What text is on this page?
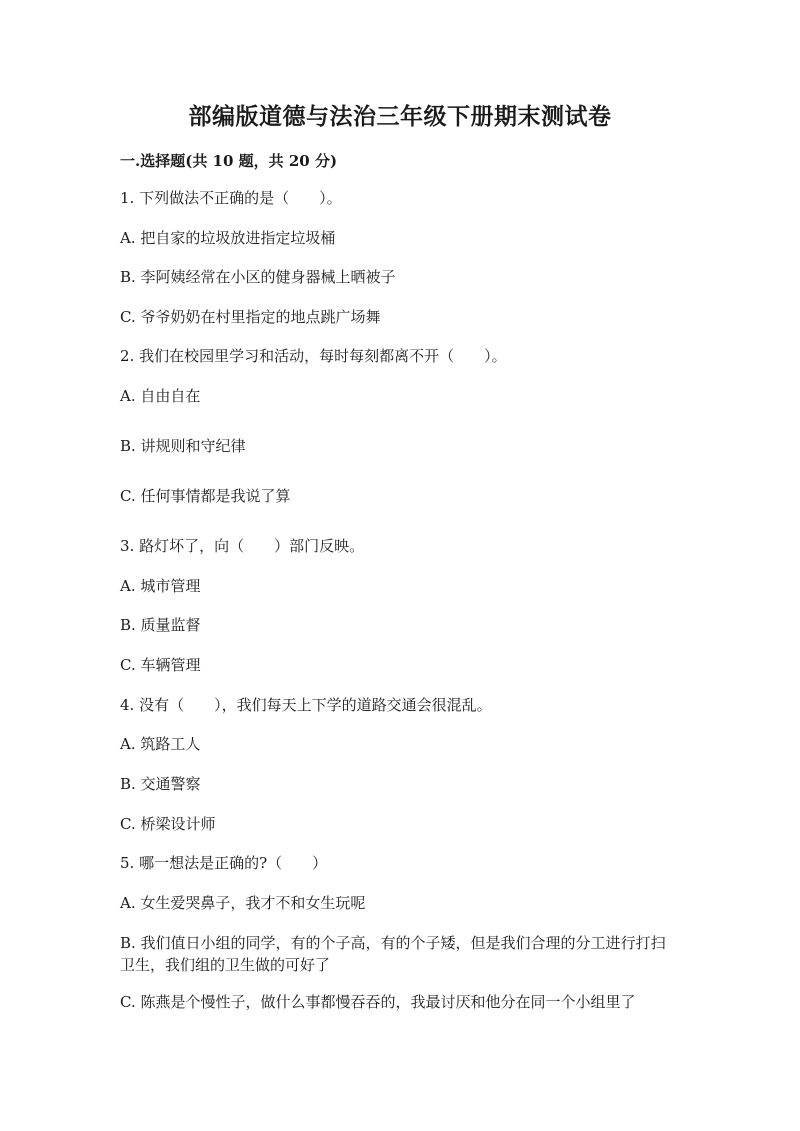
部编版道德与法治三年级下册期末测试卷

一.选择题(共 10 题，共 20 分)

1. 下列做法不正确的是（　　）。

A. 把自家的垃圾放进指定垃圾桶

B. 李阿姨经常在小区的健身器械上晒被子

C. 爷爷奶奶在村里指定的地点跳广场舞

2. 我们在校园里学习和活动，每时每刻都离不开（　　）。

A. 自由自在

B. 讲规则和守纪律

C. 任何事情都是我说了算

3. 路灯坏了，向（　　）部门反映。

A. 城市管理

B. 质量监督

C. 车辆管理

4. 没有（　　），我们每天上下学的道路交通会很混乱。

A. 筑路工人

B. 交通警察

C. 桥梁设计师

5. 哪一想法是正确的?（　　）

A. 女生爱哭鼻子，我才不和女生玩呢

B. 我们值日小组的同学，有的个子高，有的个子矮，但是我们合理的分工进行打扫卫生，我们组的卫生做的可好了

C. 陈燕是个慢性子，做什么事都慢吞吞的，我最讨厌和他分在同一个小组里了
